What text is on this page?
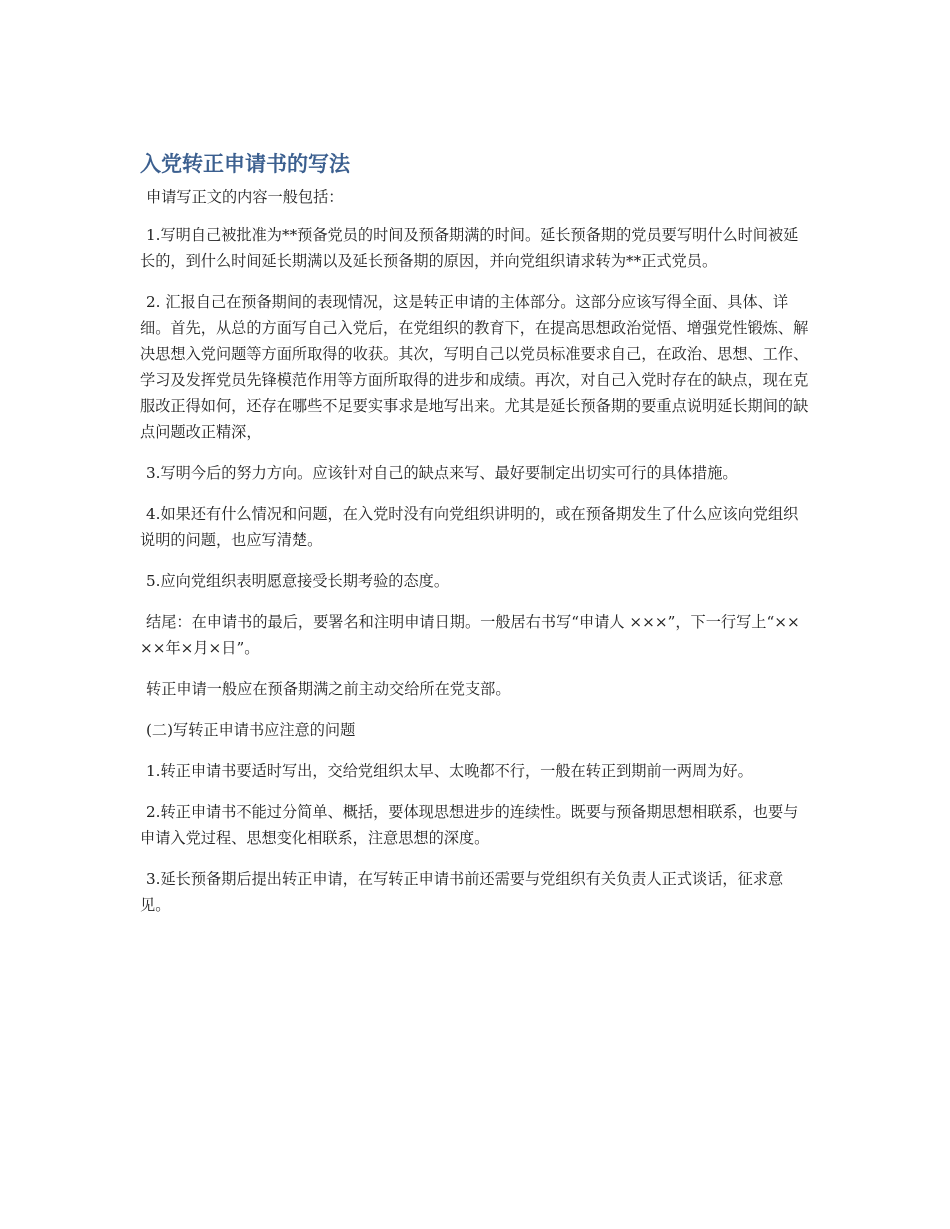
入党转正申请书的写法

申请写正文的内容一般包括：

1.写明自己被批准为**预备党员的时间及预备期满的时间。延长预备期的党员要写明什么时间被延长的，到什么时间延长期满以及延长预备期的原因，并向党组织请求转为**正式党员。

2. 汇报自己在预备期间的表现情况，这是转正申请的主体部分。这部分应该写得全面、具体、详细。首先，从总的方面写自己入党后，在党组织的教育下，在提高思想政治觉悟、增强党性锻炼、解决思想入党问题等方面所取得的收获。其次，写明自己以党员标准要求自己，在政治、思想、工作、学习及发挥党员先锋模范作用等方面所取得的进步和成绩。再次，对自己入党时存在的缺点，现在克服改正得如何，还存在哪些不足要实事求是地写出来。尤其是延长预备期的要重点说明延长期间的缺点问题改正精深，

3.写明今后的努力方向。应该针对自己的缺点来写、最好要制定出切实可行的具体措施。

4.如果还有什么情况和问题，在入党时没有向党组织讲明的，或在预备期发生了什么应该向党组织说明的问题，也应写清楚。

5.应向党组织表明愿意接受长期考验的态度。

结尾：在申请书的最后，要署名和注明申请日期。一般居右书写“申请人 ×××”，下一行写上“××××年×月×日”。

转正申请一般应在预备期满之前主动交给所在党支部。

(二)写转正申请书应注意的问题

1.转正申请书要适时写出，交给党组织太早、太晚都不行，一般在转正到期前一两周为好。

2.转正申请书不能过分简单、概括，要体现思想进步的连续性。既要与预备期思想相联系，也要与申请入党过程、思想变化相联系，注意思想的深度。

3.延长预备期后提出转正申请，在写转正申请书前还需要与党组织有关负责人正式谈话，征求意见。
